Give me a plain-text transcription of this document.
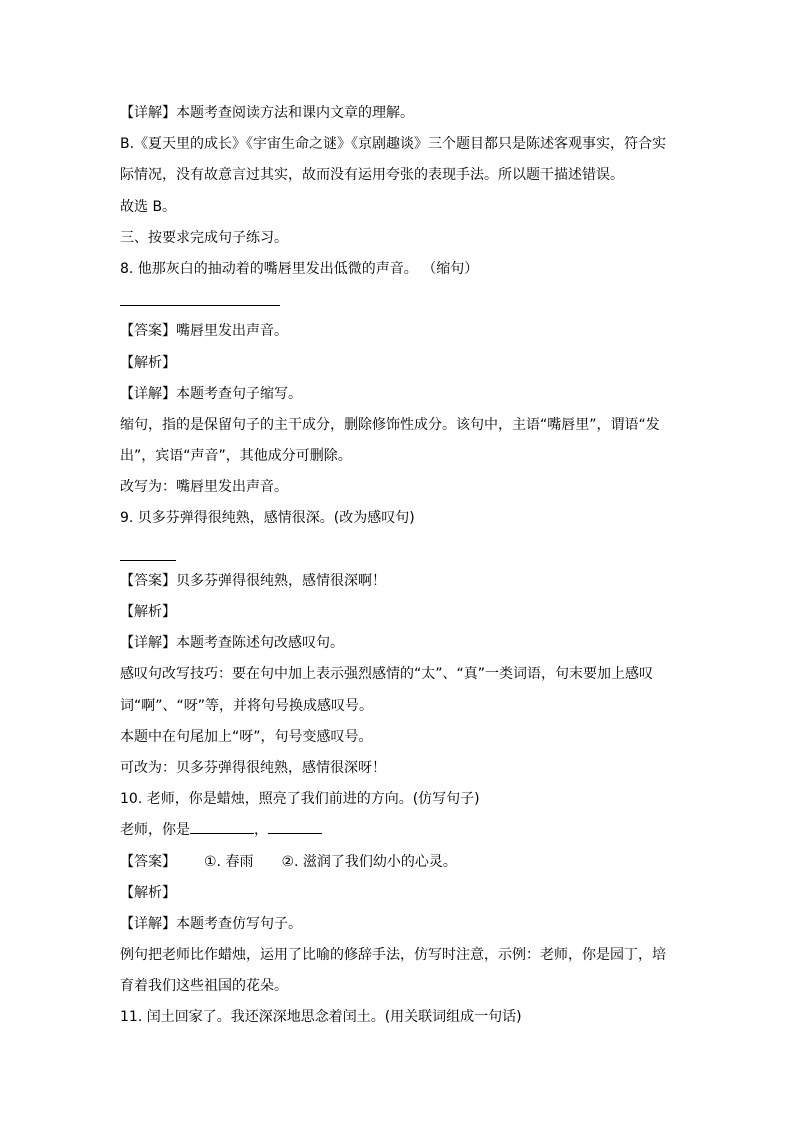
【详解】本题考查阅读方法和课内文章的理解。
B.《夏天里的成长》《宇宙生命之谜》《京剧趣谈》三个题目都只是陈述客观事实，符合实
际情况，没有故意言过其实，故而没有运用夸张的表现手法。所以题干描述错误。
故选 B。
三、按要求完成句子练习。
8. 他那灰白的抽动着的嘴唇里发出低微的声音。 （缩句）
【答案】嘴唇里发出声音。
【解析】
【详解】本题考查句子缩写。
缩句，指的是保留句子的主干成分，删除修饰性成分。该句中，主语“嘴唇里”，谓语“发
出”，宾语“声音”，其他成分可删除。
改写为：嘴唇里发出声音。
9. 贝多芬弹得很纯熟，感情很深。(改为感叹句)
【答案】贝多芬弹得很纯熟，感情很深啊！
【解析】
【详解】本题考查陈述句改感叹句。
感叹句改写技巧：要在句中加上表示强烈感情的“太”、“真”一类词语，句末要加上感叹
词“啊”、“呀”等，并将句号换成感叹号。
本题中在句尾加上“呀”，句号变感叹号。
可改为：贝多芬弹得很纯熟，感情很深呀！
10. 老师，你是蜡烛，照亮了我们前进的方向。(仿写句子)
老师，你是	，
【答案】 ①. 春雨 ②. 滋润了我们幼小的心灵。
【解析】
【详解】本题考查仿写句子。
例句把老师比作蜡烛，运用了比喻的修辞手法，仿写时注意，示例：老师，你是园丁，培
育着我们这些祖国的花朵。
11. 闰土回家了。我还深深地思念着闰土。(用关联词组成一句话)
